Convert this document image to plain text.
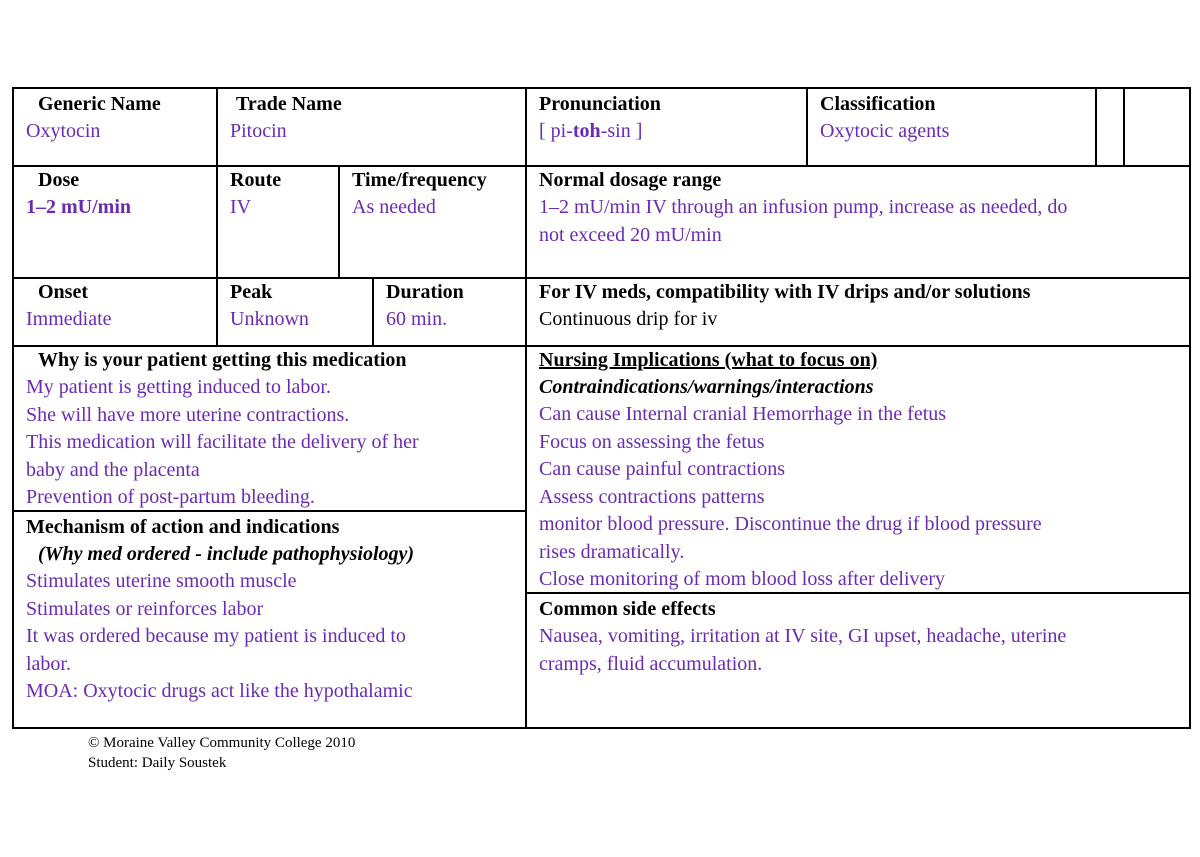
Generic Name
Oxytocin
Trade Name
Pitocin
Pronunciation
[ pi-toh-sin ]
Classification
Oxytocic agents
Dose
1–2 mU/min
Route
IV
Time/frequency
As needed
Normal dosage range
1–2 mU/min IV through an infusion pump, increase as needed, do
not exceed 20 mU/min
Onset
Immediate
Peak
Unknown
Duration
60 min.
For IV meds, compatibility with IV drips and/or solutions
Continuous drip for iv
Why is your patient getting this medication
My patient is getting induced to labor.
She will have more uterine contractions.
This medication will facilitate the delivery of her
baby and the placenta
Prevention of post-partum bleeding.
Mechanism of action and indications
(Why med ordered - include pathophysiology)
Stimulates uterine smooth muscle
Stimulates or reinforces labor
It was ordered because my patient is induced to
labor.
MOA: Oxytocic drugs act like the hypothalamic
Nursing Implications (what to focus on)
Contraindications/warnings/interactions
Can cause Internal cranial Hemorrhage in the fetus
Focus on assessing the fetus
Can cause painful contractions
Assess contractions patterns
monitor blood pressure. Discontinue the drug if blood pressure
rises dramatically.
Close monitoring of mom blood loss after delivery
Common side effects
Nausea, vomiting, irritation at IV site, GI upset, headache, uterine
cramps, fluid accumulation.
© Moraine Valley Community College 2010
Student: Daily Soustek
